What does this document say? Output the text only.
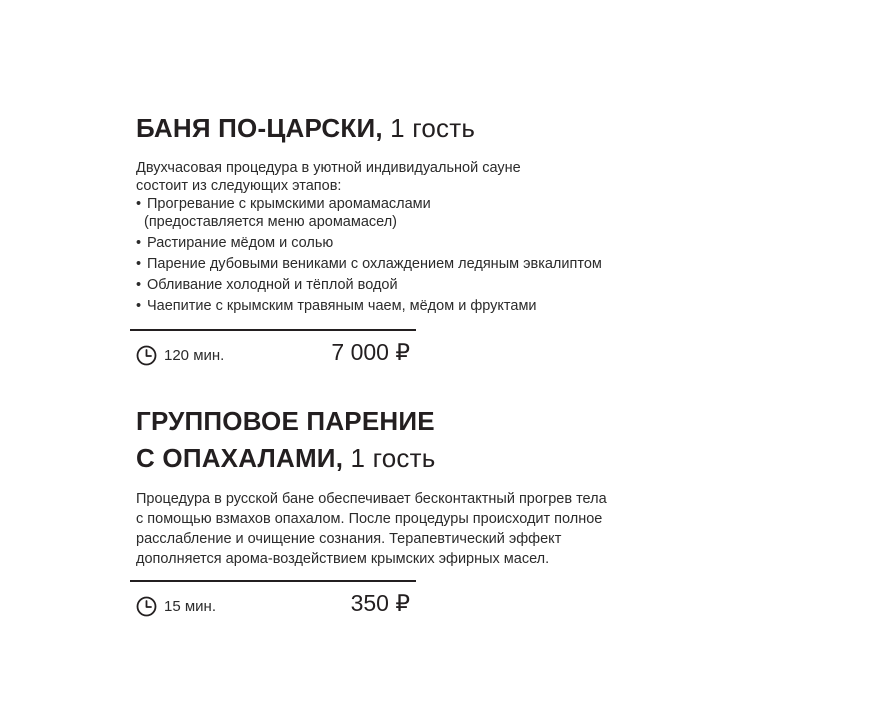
БАНЯ ПО-ЦАРСКИ, 1 гость

Двухчасовая процедура в уютной индивидуальной сауне

состоит из следующих этапов:

• Прогревание с крымскими аромамаслами
(предоставляется меню аромамасел)
• Растирание мёдом и солью
• Парение дубовыми вениками с охлаждением ледяным эвкалиптом
• Обливание холодной и тёплой водой
• Чаепитие с крымским травяным чаем, мёдом и фруктами
120 мин.	7 000 ₽
ГРУППОВОЕ ПАРЕНИЕ
С ОПАХАЛАМИ, 1 гость

Процедура в русской бане обеспечивает бесконтактный прогрев тела

с помощью взмахов опахалом. После процедуры происходит полное

расслабление и очищение сознания. Терапевтический эффект

дополняется арома-воздействием крымских эфирных масел.

15 мин.	350 ₽
